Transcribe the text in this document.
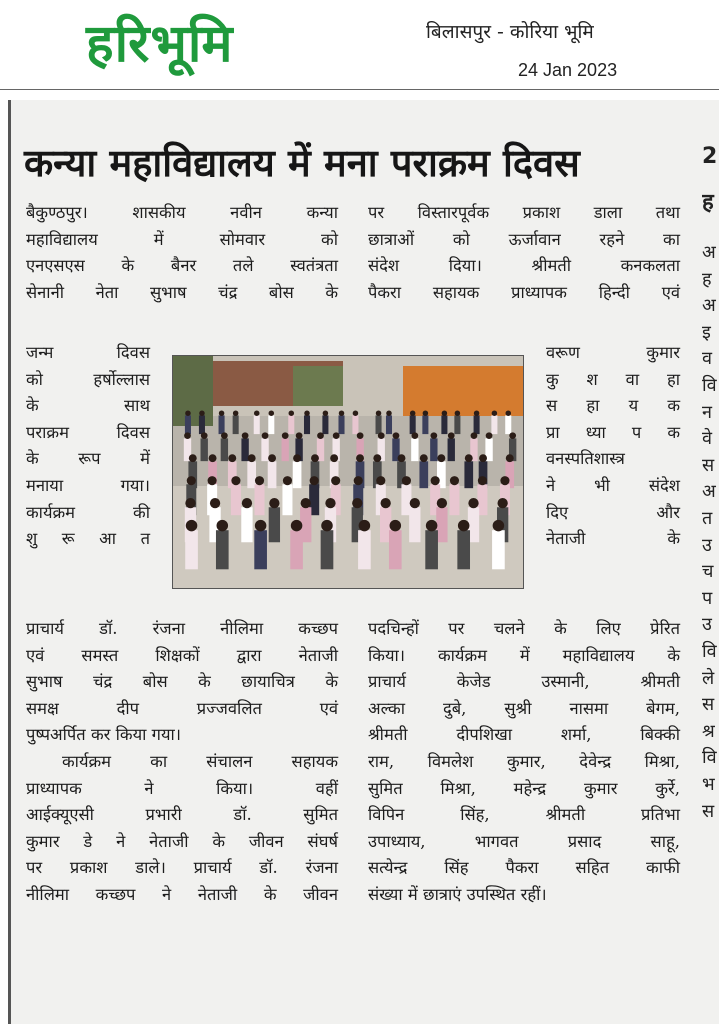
हरिभूमि	बिलासपुर - कोरिया भूमि
24 Jan 2023
कन्या महाविद्यालय में मना पराक्रम दिवस
बैकुण्ठपुर। शासकीय नवीन कन्या
महाविद्यालय में सोमवार को
एनएसएस के बैनर तले स्वतंत्रता
सेनानी नेता सुभाष चंद्र बोस के
जन्म दिवस
को हर्षोल्लास
के साथ
पराक्रम दिवस
के रूप में
मनाया गया।
कार्यक्रम की
शु रू आ त
प्राचार्य डॉ. रंजना नीलिमा कच्छप
एवं समस्त शिक्षकों द्वारा नेताजी
सुभाष चंद्र बोस के छायाचित्र के
समक्ष दीप प्रज्जवलित एवं
पुष्पअर्पित कर किया गया।
कार्यक्रम का संचालन सहायक
प्राध्यापक ने किया। वहीं
आईक्यूएसी प्रभारी डॉ. सुमित
कुमार डे ने नेताजी के जीवन संघर्ष
पर प्रकाश डाले। प्राचार्य डॉ. रंजना
नीलिमा कच्छप ने नेताजी के जीवन
पर विस्तारपूर्वक प्रकाश डाला तथा
छात्राओं को ऊर्जावान रहने का
संदेश दिया। श्रीमती कनकलता
पैकरा सहायक प्राध्यापक हिन्दी एवं
वरूण कुमार
कु श वा हा
स हा य क
प्रा ध्या प क
वनस्पतिशास्त्र
ने भी संदेश
दिए और
नेताजी के
पदचिन्हों पर चलने के लिए प्रेरित
किया। कार्यक्रम में महाविद्यालय के
प्राचार्य केजेड उस्मानी, श्रीमती
अल्का दुबे, सुश्री नासमा बेगम,
श्रीमती दीपशिखा शर्मा, बिक्की
राम, विमलेश कुमार, देवेन्द्र मिश्रा,
सुमित मिश्रा, महेन्द्र कुमार कुर्रे,
विपिन सिंह, श्रीमती प्रतिभा
उपाध्याय, भागवत प्रसाद साहू,
सत्येन्द्र सिंह पैकरा सहित काफी
संख्या में छात्राएं उपस्थित रहीं।
2
ह
अ
ह
अ
इ
व
वि
न
वे
स
अ
त
उ
च
प
उ
वि
ले
स
श्र
वि
भ
स
